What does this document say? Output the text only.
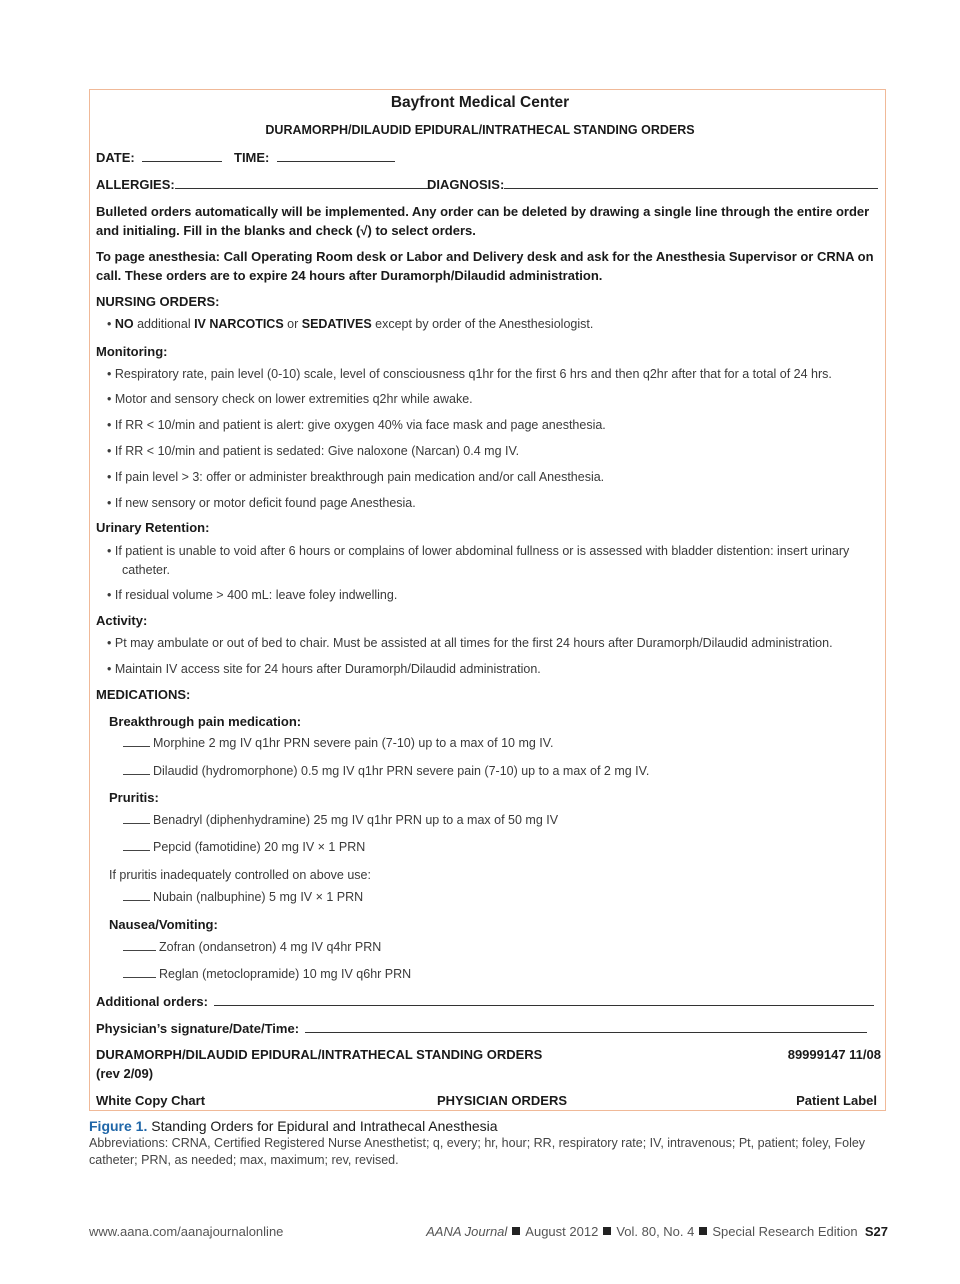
Bayfront Medical Center
DURAMORPH/DILAUDID EPIDURAL/INTRATHECAL STANDING ORDERS
DATE:	TIME:
ALLERGIES:	DIAGNOSIS:
Bulleted orders automatically will be implemented. Any order can be deleted by drawing a single line through the entire order and initialing. Fill in the blanks and check (√) to select orders.
To page anesthesia: Call Operating Room desk or Labor and Delivery desk and ask for the Anesthesia Supervisor or CRNA on call. These orders are to expire 24 hours after Duramorph/Dilaudid administration.
NURSING ORDERS:
• NO additional IV NARCOTICS or SEDATIVES except by order of the Anesthesiologist.
Monitoring:
• Respiratory rate, pain level (0-10) scale, level of consciousness q1hr for the first 6 hrs and then q2hr after that for a total of 24 hrs.
• Motor and sensory check on lower extremities q2hr while awake.
• If RR < 10/min and patient is alert: give oxygen 40% via face mask and page anesthesia.
• If RR < 10/min and patient is sedated: Give naloxone (Narcan) 0.4 mg IV.
• If pain level > 3: offer or administer breakthrough pain medication and/or call Anesthesia.
• If new sensory or motor deficit found page Anesthesia.
Urinary Retention:
• If patient is unable to void after 6 hours or complains of lower abdominal fullness or is assessed with bladder distention: insert urinary catheter.
• If residual volume > 400 mL: leave foley indwelling.
Activity:
• Pt may ambulate or out of bed to chair. Must be assisted at all times for the first 24 hours after Duramorph/Dilaudid administration.
• Maintain IV access site for 24 hours after Duramorph/Dilaudid administration.
MEDICATIONS:
Breakthrough pain medication:
Morphine 2 mg IV q1hr PRN severe pain (7-10) up to a max of 10 mg IV.
Dilaudid (hydromorphone) 0.5 mg IV q1hr PRN severe pain (7-10) up to a max of 2 mg IV.
Pruritis:
Benadryl (diphenhydramine) 25 mg IV q1hr PRN up to a max of 50 mg IV
Pepcid (famotidine) 20 mg IV × 1 PRN
If pruritis inadequately controlled on above use:
Nubain (nalbuphine) 5 mg IV × 1 PRN
Nausea/Vomiting:
Zofran (ondansetron) 4 mg IV q4hr PRN
Reglan (metoclopramide) 10 mg IV q6hr PRN
Additional orders:
Physician’s signature/Date/Time:
DURAMORPH/DILAUDID EPIDURAL/INTRATHECAL STANDING ORDERS	89999147 11/08
(rev 2/09)
White Copy Chart	PHYSICIAN ORDERS	Patient Label
Figure 1. Standing Orders for Epidural and Intrathecal Anesthesia
Abbreviations: CRNA, Certified Registered Nurse Anesthetist; q, every; hr, hour; RR, respiratory rate; IV, intravenous; Pt, patient; foley, Foley catheter; PRN, as needed; max, maximum; rev, revised.
www.aana.com/aanajournalonline	AANA Journal August 2012 Vol. 80, No. 4 Special Research Edition S27
